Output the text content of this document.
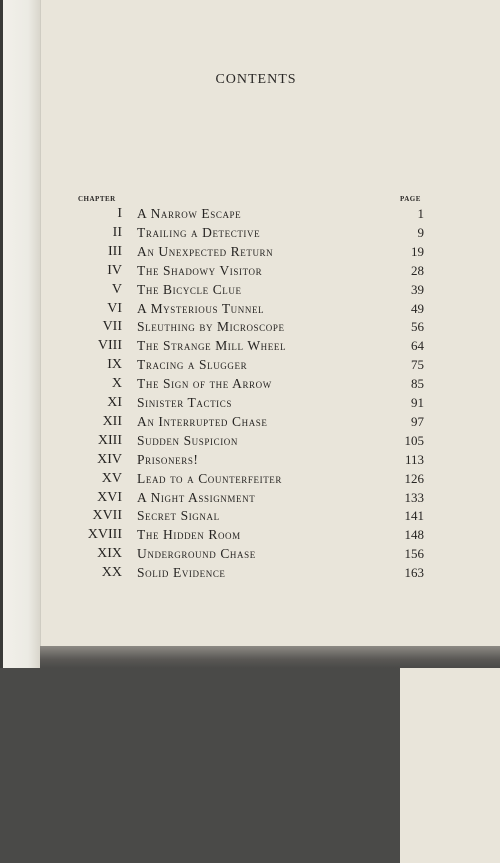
CONTENTS
CHAPTER	PAGE
I A Narrow Escape	1
II Trailing a Detective	9
III An Unexpected Return	19
IV The Shadowy Visitor	28
V The Bicycle Clue	39
VI A Mysterious Tunnel	49
VII Sleuthing by Microscope	56
VIII The Strange Mill Wheel	64
IX Tracing a Slugger	75
X The Sign of the Arrow	85
XI Sinister Tactics	91
XII An Interrupted Chase	97
XIII Sudden Suspicion	105
XIV Prisoners!	113
XV Lead to a Counterfeiter	126
XVI A Night Assignment	133
XVII Secret Signal	141
XVIII The Hidden Room	148
XIX Underground Chase	156
XX Solid Evidence	163
